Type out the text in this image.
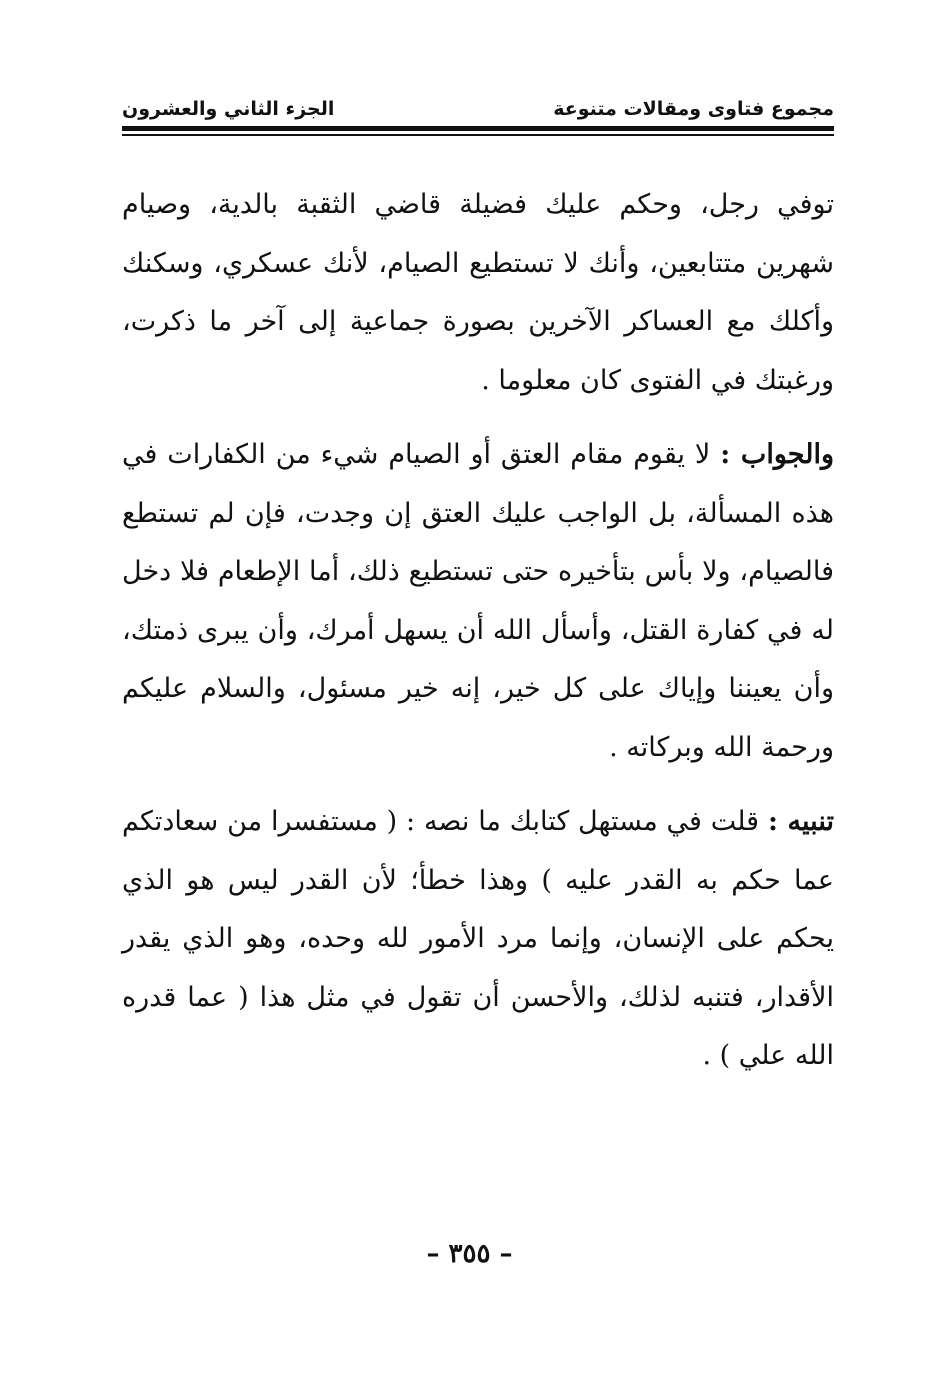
مجموع فتاوى ومقالات متنوعة
الجزء الثاني والعشرون

توفي رجل، وحكم عليك فضيلة قاضي الثقبة بالدية، وصيام شهرين متتابعين، وأنك لا تستطيع الصيام، لأنك عسكري، وسكنك وأكلك مع العساكر الآخرين بصورة جماعية إلى آخر ما ذكرت، ورغبتك في الفتوى كان معلوما .

والجواب : لا يقوم مقام العتق أو الصيام شيء من الكفارات في هذه المسألة، بل الواجب عليك العتق إن وجدت، فإن لم تستطع فالصيام، ولا بأس بتأخيره حتى تستطيع ذلك، أما الإطعام فلا دخل له في كفارة القتل، وأسأل الله أن يسهل أمرك، وأن يبرى ذمتك، وأن يعيننا وإياك على كل خير، إنه خير مسئول، والسلام عليكم ورحمة الله وبركاته .

تنبيه : قلت في مستهل كتابك ما نصه : ( مستفسرا من سعادتكم عما حكم به القدر عليه ) وهذا خطأ؛ لأن القدر ليس هو الذي يحكم على الإنسان، وإنما مرد الأمور لله وحده، وهو الذي يقدر الأقدار، فتنبه لذلك، والأحسن أن تقول في مثل هذا ( عما قدره الله علي ) .

– ٣٥٥ –
